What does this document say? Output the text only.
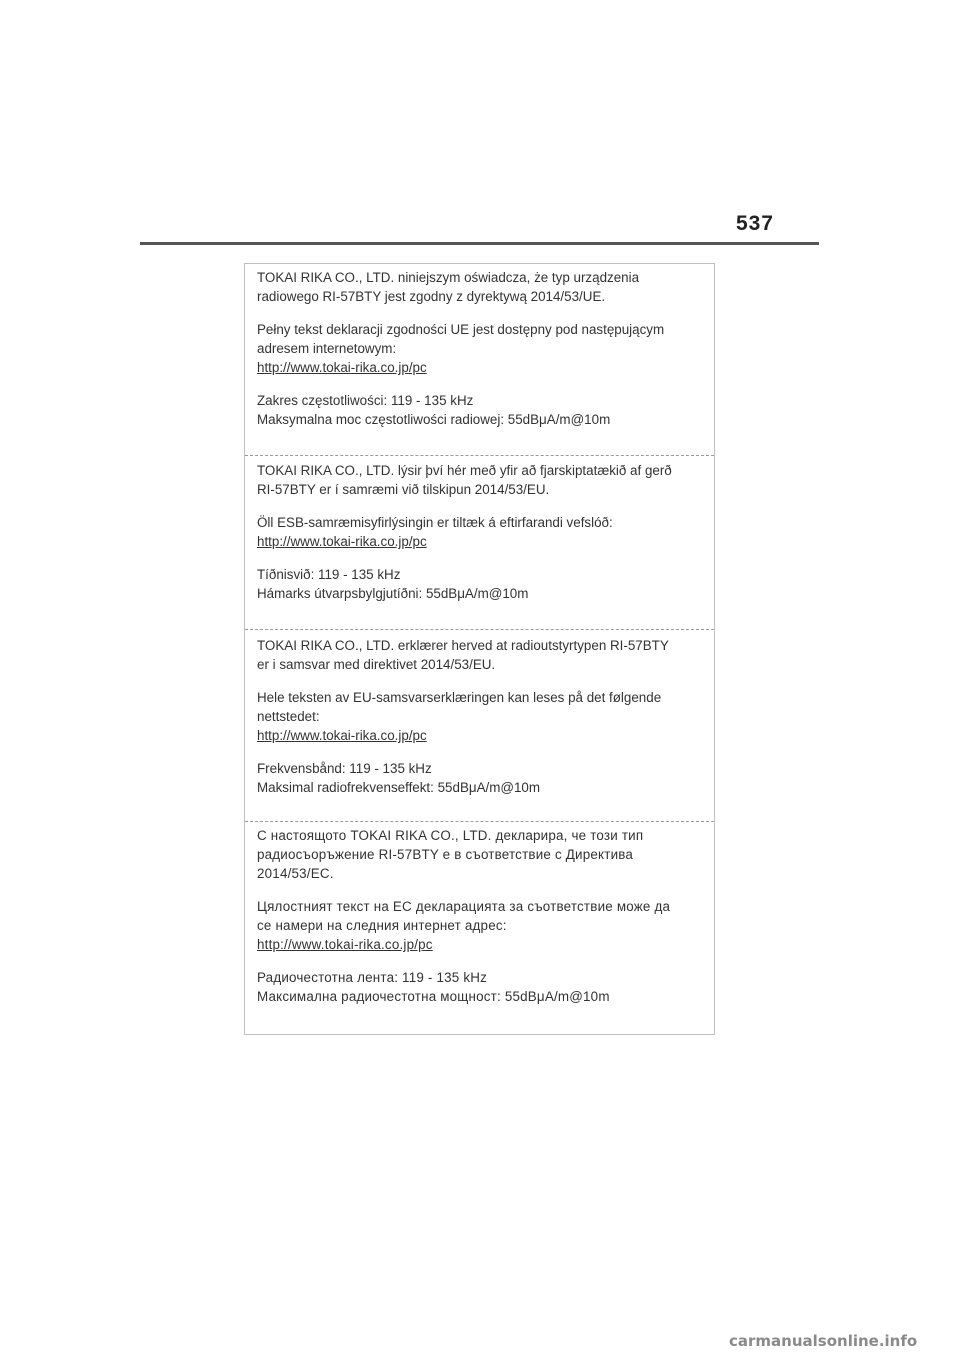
537

TOKAI RIKA CO., LTD. niniejszym oświadcza, że typ urządzenia

radiowego RI-57BTY jest zgodny z dyrektywą 2014/53/UE.

Pełny tekst deklaracji zgodności UE jest dostępny pod następującym

adresem internetowym:

http://www.tokai-rika.co.jp/pc

Zakres częstotliwości: 119 - 135 kHz

Maksymalna moc częstotliwości radiowej: 55dBμA/m@10m

TOKAI RIKA CO., LTD. lýsir því hér með yfir að fjarskiptatækið af gerð

RI-57BTY er í samræmi við tilskipun 2014/53/EU.

Öll ESB-samræmisyfirlýsingin er tiltæk á eftirfarandi vefslóð:

http://www.tokai-rika.co.jp/pc

Tíðnisvið: 119 - 135 kHz

Hámarks útvarpsbylgjutíðni: 55dBμA/m@10m

TOKAI RIKA CO., LTD. erklærer herved at radioutstyrtypen RI-57BTY

er i samsvar med direktivet 2014/53/EU.

Hele teksten av EU-samsvarserklæringen kan leses på det følgende

nettstedet:

http://www.tokai-rika.co.jp/pc

Frekvensbånd: 119 - 135 kHz

Maksimal radiofrekvenseffekt: 55dBμA/m@10m

С настоящото TOKAI RIKA CO., LTD. декларира, че този тип

радиосъоръжение RI-57BTY е в съответствие с Директива

2014/53/ЕС.

Цялостният текст на ЕС декларацията за съответствие може да

се намери на следния интернет адрес:

http://www.tokai-rika.co.jp/pc

Радиочестотна лента: 119 - 135 kHz

Максимална радиочестотна мощност: 55dBμA/m@10m

carmanualsonline.info
